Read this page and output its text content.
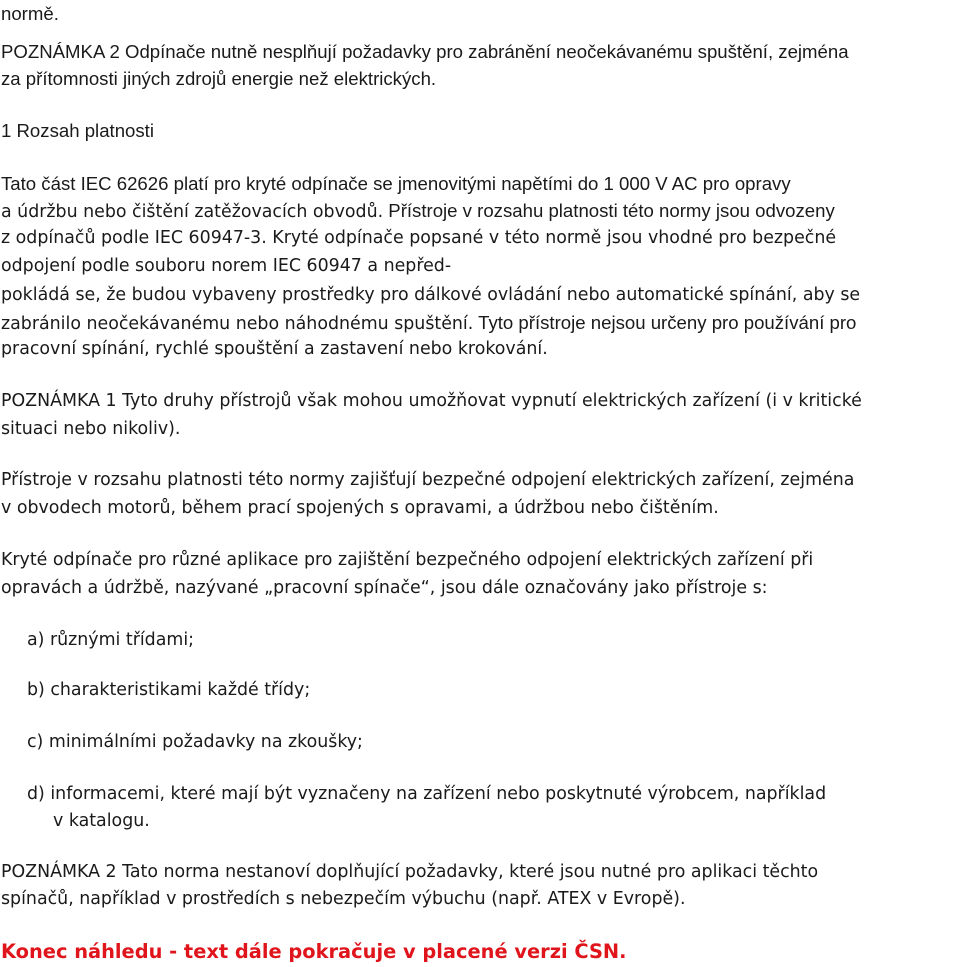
normě.
POZNÁMKA 2 Odpínače nutně nesplňují požadavky pro zabránění neočekávanému spuštění, zejména
za přítomnosti jiných zdrojů energie než elektrických.
1 Rozsah platnosti
Tato část IEC 62626 platí pro kryté odpínače se jmenovitými napětími do 1 000 V AC pro opravy
a údržbu nebo čištění zatěžovacích obvodů. Přístroje v rozsahu platnosti této normy jsou odvozeny
z odpínačů podle IEC 60947-3. Kryté odpínače popsané v této normě jsou vhodné pro bezpečné
odpojení podle souboru norem IEC 60947 a nepřed-
pokládá se, že budou vybaveny prostředky pro dálkové ovládání nebo automatické spínání, aby se
zabránilo neočekávanému nebo náhodnému spuštění. Tyto přístroje nejsou určeny pro používání pro
pracovní spínání, rychlé spouštění a zastavení nebo krokování.
POZNÁMKA 1 Tyto druhy přístrojů však mohou umožňovat vypnutí elektrických zařízení (i v kritické
situaci nebo nikoliv).
Přístroje v rozsahu platnosti této normy zajišťují bezpečné odpojení elektrických zařízení, zejména
v obvodech motorů, během prací spojených s opravami, a údržbou nebo čištěním.
Kryté odpínače pro různé aplikace pro zajištění bezpečného odpojení elektrických zařízení při
opravách a údržbě, nazývané „pracovní spínače“, jsou dále označovány jako přístroje s:
a) různými třídami;
b) charakteristikami každé třídy;
c) minimálními požadavky na zkoušky;
d) informacemi, které mají být vyznačeny na zařízení nebo poskytnuté výrobcem, například
v katalogu.
POZNÁMKA 2 Tato norma nestanoví doplňující požadavky, které jsou nutné pro aplikaci těchto
spínačů, například v prostředích s nebezpečím výbuchu (např. ATEX v Evropě).
Konec náhledu - text dále pokračuje v placené verzi ČSN.
